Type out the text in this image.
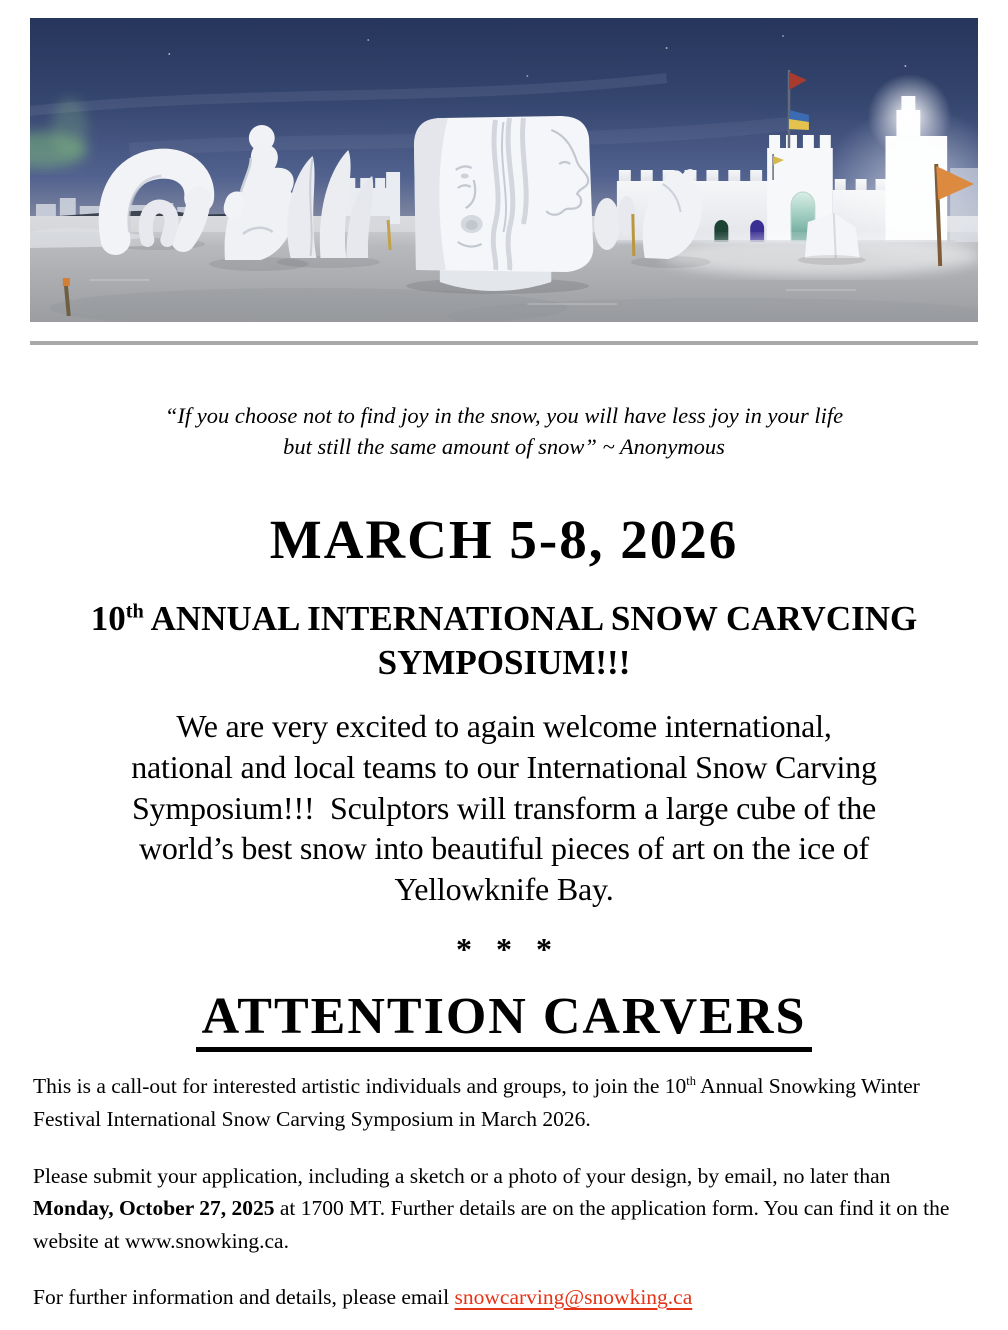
“If you choose not to find joy in the snow, you will have less joy in your life
but still the same amount of snow” ~ Anonymous

MARCH 5-8, 2026
10th ANNUAL INTERNATIONAL SNOW CARVCING SYMPOSIUM!!!

We are very excited to again welcome international,
national and local teams to our International Snow Carving
Symposium!!!  Sculptors will transform a large cube of the
world’s best snow into beautiful pieces of art on the ice of
Yellowknife Bay.

* * *

ATTENTION CARVERS

This is a call-out for interested artistic individuals and groups, to join the 10th Annual Snowking Winter Festival International Snow Carving Symposium in March 2026.

Please submit your application, including a sketch or a photo of your design, by email, no later than Monday, October 27, 2025 at 1700 MT. Further details are on the application form. You can find it on the website at www.snowking.ca.

For further information and details, please email snowcarving@snowking.ca
